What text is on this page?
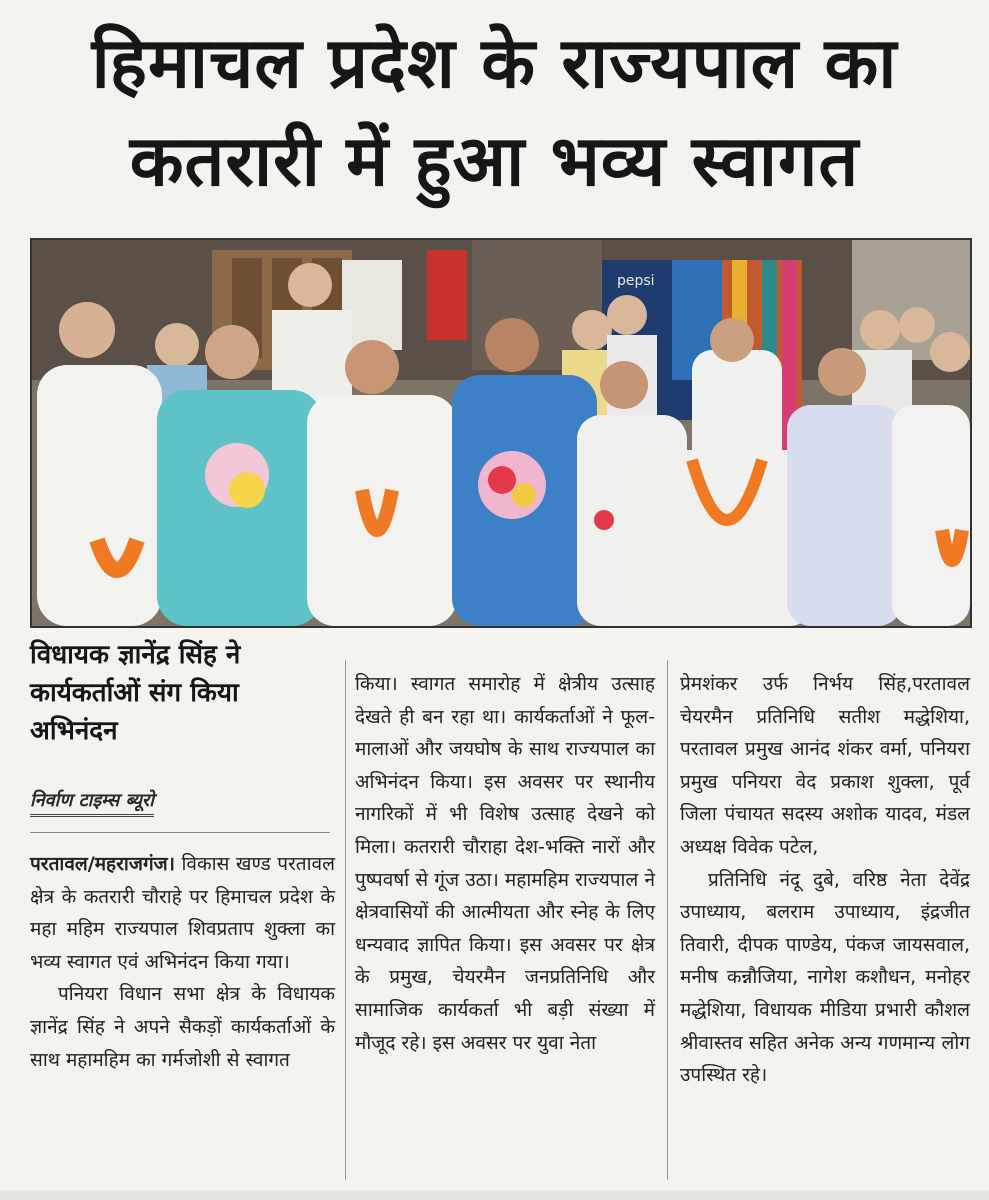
हिमाचल प्रदेश के राज्यपाल का
कतरारी में हुआ भव्य स्वागत
pepsi
विधायक ज्ञानेंद्र सिंह ने कार्यकर्ताओं संग किया अभिनंदन
निर्वाण टाइम्स ब्यूरो

परतावल/महराजगंज। विकास खण्ड परतावल क्षेत्र के कतरारी चौराहे पर हिमाचल प्रदेश के महा महिम राज्यपाल शिवप्रताप शुक्ला का भव्य स्वागत एवं अभिनंदन किया गया।

पनियरा विधान सभा क्षेत्र के विधायक ज्ञानेंद्र सिंह ने अपने सैकड़ों कार्यकर्ताओं के साथ महामहिम का गर्मजोशी से स्वागत

किया। स्वागत समारोह में क्षेत्रीय उत्साह देखते ही बन रहा था। कार्यकर्ताओं ने फूल-मालाओं और जयघोष के साथ राज्यपाल का अभिनंदन किया। इस अवसर पर स्थानीय नागरिकों में भी विशेष उत्साह देखने को मिला। कतरारी चौराहा देश-भक्ति नारों और पुष्पवर्षा से गूंज उठा। महामहिम राज्यपाल ने क्षेत्रवासियों की आत्मीयता और स्नेह के लिए धन्यवाद ज्ञापित किया। इस अवसर पर क्षेत्र के प्रमुख, चेयरमैन जनप्रतिनिधि और सामाजिक कार्यकर्ता भी बड़ी संख्या में मौजूद रहे। इस अवसर पर युवा नेता

प्रेमशंकर उर्फ निर्भय सिंह,परतावल चेयरमैन प्रतिनिधि सतीश मद्धेशिया, परतावल प्रमुख आनंद शंकर वर्मा, पनियरा प्रमुख पनियरा वेद प्रकाश शुक्ला, पूर्व जिला पंचायत सदस्य अशोक यादव, मंडल अध्यक्ष विवेक पटेल,

प्रतिनिधि नंदू दुबे, वरिष्ठ नेता देवेंद्र उपाध्याय, बलराम उपाध्याय, इंद्रजीत तिवारी, दीपक पाण्डेय, पंकज जायसवाल, मनीष कन्नौजिया, नागेश कशौधन, मनोहर मद्धेशिया, विधायक मीडिया प्रभारी कौशल श्रीवास्तव सहित अनेक अन्य गणमान्य लोग उपस्थित रहे।
